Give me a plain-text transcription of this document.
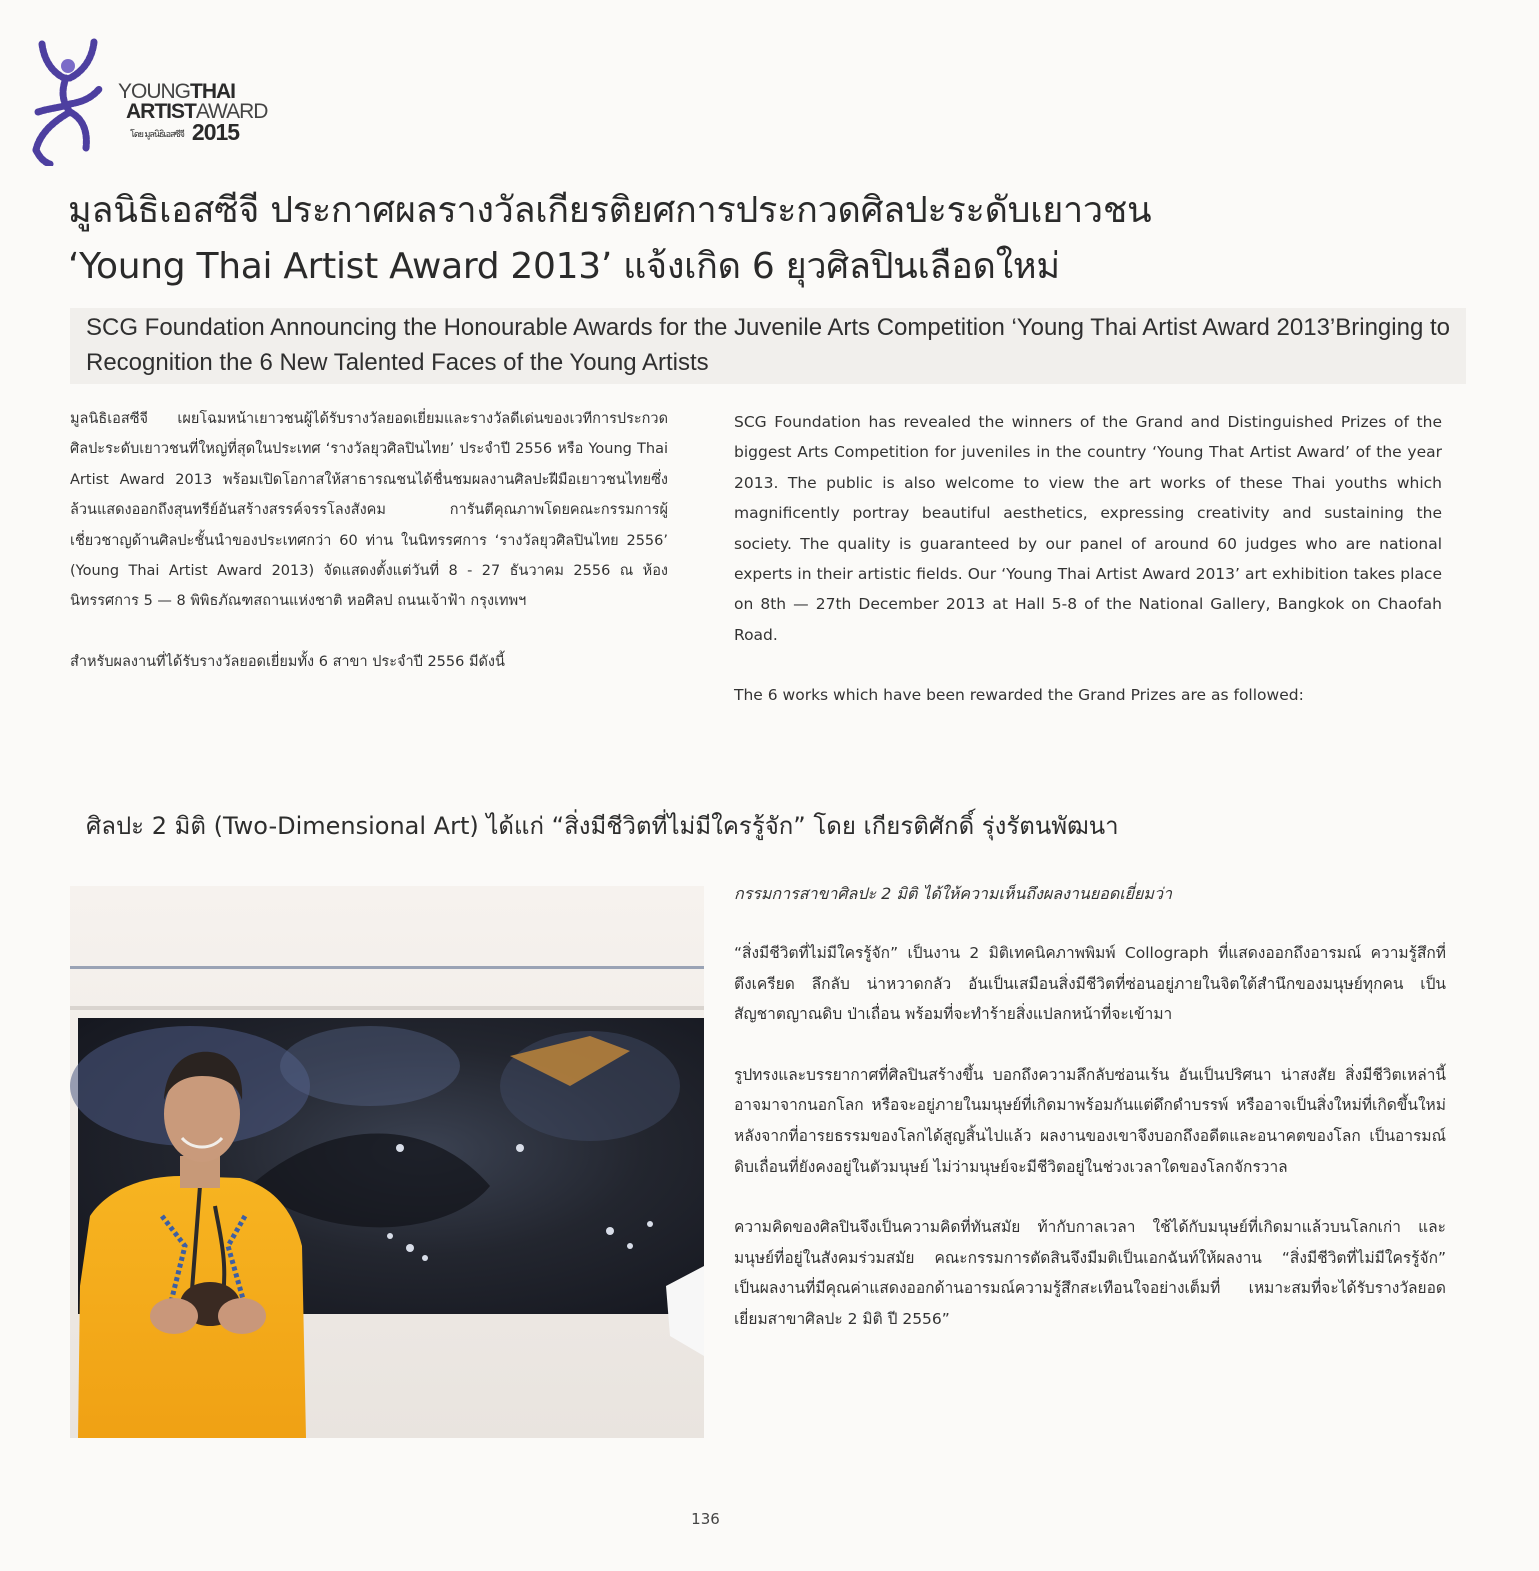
YOUNGTHAI
ARTISTAWARD
โดย มูลนิธิเอสซีจี 2015
มูลนิธิเอสซีจี ประกาศผลรางวัลเกียรติยศการประกวดศิลปะระดับเยาวชน
‘Young Thai Artist Award 2013’ แจ้งเกิด 6 ยุวศิลปินเลือดใหม่
SCG Foundation Announcing the Honourable Awards for the Juvenile Arts Competition ‘Young Thai Artist Award 2013’Bringing to Recognition the 6 New Talented Faces of the Young Artists

มูลนิธิเอสซีจี เผยโฉมหน้าเยาวชนผู้ได้รับรางวัลยอดเยี่ยมและรางวัลดีเด่นของเวทีการประกวดศิลปะระดับเยาวชนที่ใหญ่ที่สุดในประเทศ ‘รางวัลยุวศิลปินไทย’ ประจำปี 2556 หรือ Young Thai Artist Award 2013 พร้อมเปิดโอกาสให้สาธารณชนได้ชื่นชมผลงานศิลปะฝีมือเยาวชนไทยซึ่งล้วนแสดงออกถึงสุนทรีย์อันสร้างสรรค์จรรโลงสังคม การันตีคุณภาพโดยคณะกรรมการผู้เชี่ยวชาญด้านศิลปะชั้นนำของประเทศกว่า 60 ท่าน ในนิทรรศการ ‘รางวัลยุวศิลปินไทย 2556’ (Young Thai Artist Award 2013) จัดแสดงตั้งแต่วันที่ 8 - 27 ธันวาคม 2556 ณ ห้องนิทรรศการ 5 — 8 พิพิธภัณฑสถานแห่งชาติ หอศิลป ถนนเจ้าฟ้า กรุงเทพฯ

สำหรับผลงานที่ได้รับรางวัลยอดเยี่ยมทั้ง 6 สาขา ประจำปี 2556 มีดังนี้

SCG Foundation has revealed the winners of the Grand and Distinguished Prizes of the biggest Arts Competition for juveniles in the country ‘Young That Artist Award’ of the year 2013. The public is also welcome to view the art works of these Thai youths which magnificently portray beautiful aesthetics, expressing creativity and sustaining the society. The quality is guaranteed by our panel of around 60 judges who are national experts in their artistic fields. Our ‘Young Thai Artist Award 2013’ art exhibition takes place on 8th — 27th December 2013 at Hall 5-8 of the National Gallery, Bangkok on Chaofah Road.

The 6 works which have been rewarded the Grand Prizes are as followed:

ศิลปะ 2 มิติ (Two-Dimensional Art) ได้แก่ “สิ่งมีชีวิตที่ไม่มีใครรู้จัก” โดย เกียรติศักดิ์ รุ่งรัตนพัฒนา
กรรมการสาขาศิลปะ 2 มิติ ได้ให้ความเห็นถึงผลงานยอดเยี่ยมว่า

“สิ่งมีชีวิตที่ไม่มีใครรู้จัก” เป็นงาน 2 มิติเทคนิคภาพพิมพ์ Collograph ที่แสดงออกถึงอารมณ์ ความรู้สึกที่ตึงเครียด ลึกลับ น่าหวาดกลัว อันเป็นเสมือนสิ่งมีชีวิตที่ซ่อนอยู่ภายในจิตใต้สำนึกของมนุษย์ทุกคน เป็นสัญชาตญาณดิบ ป่าเถื่อน พร้อมที่จะทำร้ายสิ่งแปลกหน้าที่จะเข้ามา

รูปทรงและบรรยากาศที่ศิลปินสร้างขึ้น บอกถึงความลึกลับซ่อนเร้น อันเป็นปริศนา น่าสงสัย สิ่งมีชีวิตเหล่านี้อาจมาจากนอกโลก หรือจะอยู่ภายในมนุษย์ที่เกิดมาพร้อมกันแต่ดึกดำบรรพ์ หรืออาจเป็นสิ่งใหม่ที่เกิดขึ้นใหม่หลังจากที่อารยธรรมของโลกได้สูญสิ้นไปแล้ว ผลงานของเขาจึงบอกถึงอดีตและอนาคตของโลก เป็นอารมณ์ดิบเถื่อนที่ยังคงอยู่ในตัวมนุษย์ ไม่ว่ามนุษย์จะมีชีวิตอยู่ในช่วงเวลาใดของโลกจักรวาล

ความคิดของศิลปินจึงเป็นความคิดที่ทันสมัย ท้ากับกาลเวลา ใช้ได้กับมนุษย์ที่เกิดมาแล้วบนโลกเก่า และมนุษย์ที่อยู่ในสังคมร่วมสมัย คณะกรรมการตัดสินจึงมีมติเป็นเอกฉันท์ให้ผลงาน “สิ่งมีชีวิตที่ไม่มีใครรู้จัก” เป็นผลงานที่มีคุณค่าแสดงออกด้านอารมณ์ความรู้สึกสะเทือนใจอย่างเต็มที่ เหมาะสมที่จะได้รับรางวัลยอดเยี่ยมสาขาศิลปะ 2 มิติ ปี 2556”

136
